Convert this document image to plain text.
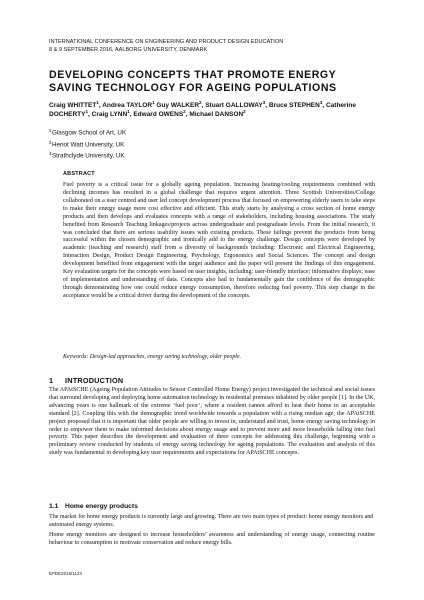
INTERNATIONAL CONFERENCE ON ENGINEERING AND PRODUCT DESIGN EDUCATION
8 & 9 SEPTEMBER 2016, AALBORG UNIVERSITY, DENMARK
DEVELOPING CONCEPTS THAT PROMOTE ENERGY SAVING TECHNOLOGY FOR AGEING POPULATIONS
Craig WHITTET$^1$, Andrea TAYLOR$^1$ Guy WALKER$^2$, Stuart GALLOWAY$^3$, Bruce STEPHEN$^3$, Catherine DOCHERTY$^1$, Craig LYNN$^1$, Edward OWENS$^2$, Michael DANSON$^2$
$^1$Glasgow School of Art, UK
$^2$Heriot Watt University, UK
$^3$Strathclyde University, UK
ABSTRACT

Fuel poverty is a critical issue for a globally ageing population. Increasing heating/cooling requirements combined with declining incomes has resulted in a global challenge that requires urgent attention. Three Scottish Universities/College collaborated on a user centred and user led concept development process that focused on empowering elderly users to take steps to make their energy usage more cost effective and efficient. This study starts by analysing a cross section of home energy products and then develops and evaluates concepts with a range of stakeholders, including housing associations. The study benefited from Research Teaching linkages/projects across undergraduate and postgraduate levels. From the initial research, it was concluded that there are serious usability issues with existing products. These failings prevent the products from being successful within the chosen demographic and ironically add to the energy challenge. Design concepts were developed by academic (teaching and research) staff from a diversity of backgrounds including: Electronic and Electrical Engineering, Interaction Design, Product Design Engineering, Psychology, Ergonomics and Social Sciences. The concept and design development benefited from engagement with the target audience and the paper will present the findings of this engagement. Key evaluation targets for the concepts were based on user insights, including: user-friendly interface; informative displays; ease of implementation and understanding of data. Concepts also had to fundamentally gain the confidence of the demographic through demonstrating how one could reduce energy consumption, therefore reducing fuel poverty. This step change in the acceptance would be a critical driver during the development of the concepts.

Keywords: Design-led approaches, energy saving technology, older people.
1 INTRODUCTION

The APAtSCHE (Ageing Population Attitudes to Sensor Controlled Home Energy) project investigated the technical and social issues that surround developing and deploying home automation technology in residential premises inhabited by older people [1]. In the UK, advancing years is one hallmark of the extreme ‘fuel poor’, where a resident cannot afford to heat their home to an acceptable standard [2]. Coupling this with the demographic trend worldwide towards a population with a rising median age, the APAtSCHE project proposed that it is important that older people are willing to invest in, understand and trust, home energy saving technology in order to empower them to make informed decisions about energy usage and to prevent more and more households falling into fuel poverty. This paper describes the development and evaluation of three concepts for addressing this challenge, beginning with a preliminary review conducted by students of energy saving technology for ageing populations. The evaluation and analysis of this study was fundamental in developing key user requirements and expectations for APAtSCHE concepts.

1.1 Home energy products

The market for home energy products is currently large and growing. There are two main types of product: home energy monitors and automated energy systems.

Home energy monitors are designed to increase householders’ awareness and understanding of energy usage, connecting routine behaviour to consumption to motivate conservation and reduce energy bills.

EPDE2016/1123
